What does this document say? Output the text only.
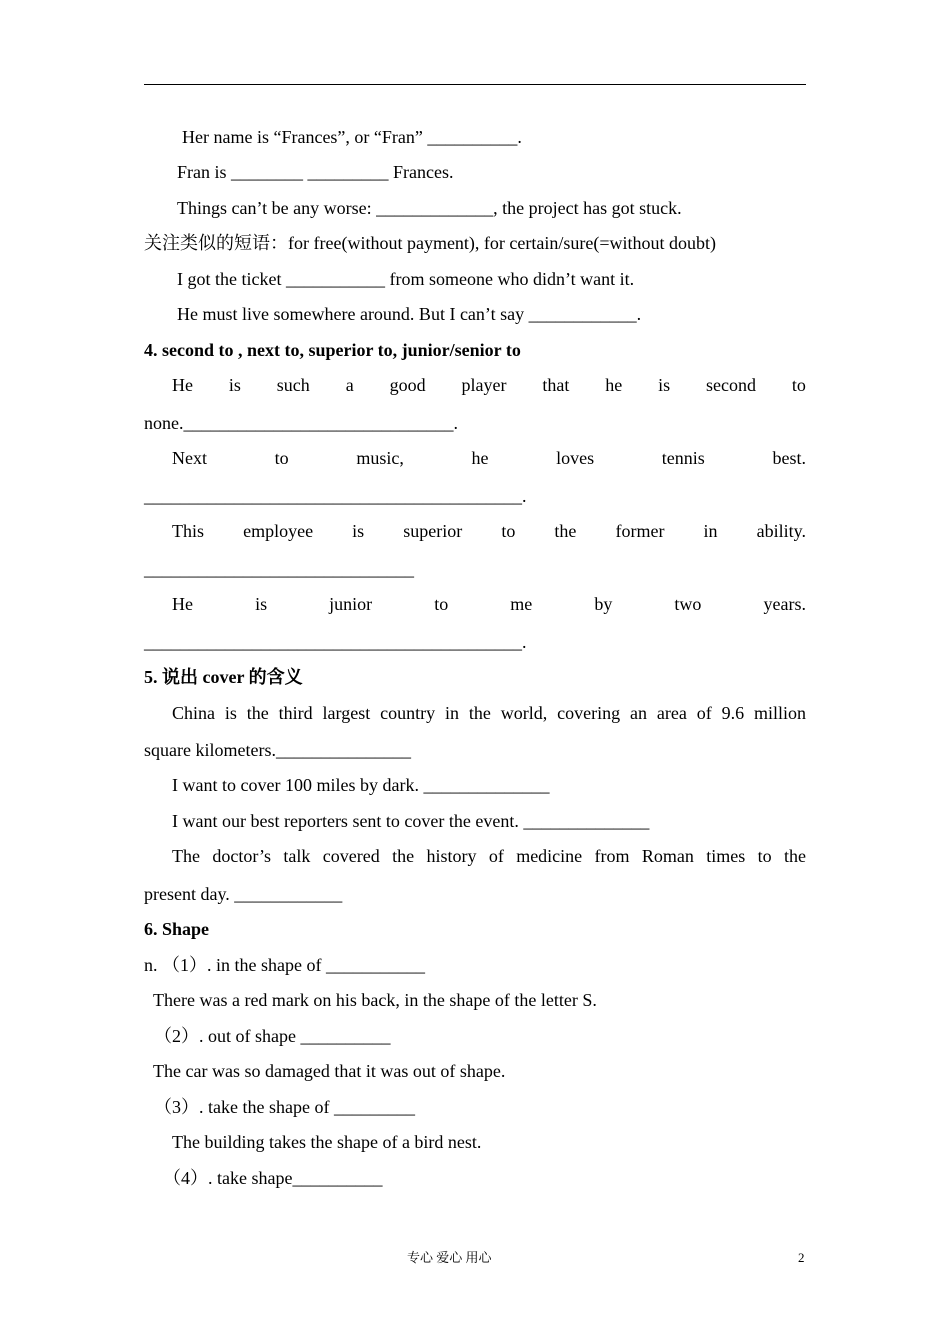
Her name is “Frances”, or “Fran” __________.
Fran is ________ _________ Frances.
Things can’t be any worse: _____________, the project has got stuck.
关注类似的短语：for free(without payment), for certain/sure(=without doubt)
I got the ticket ___________ from someone who didn’t want it.
He must live somewhere around. But I can’t say ____________.
4. second to , next to, superior to, junior/senior to
He is such a good player that he is second to
none.______________________________.
Next	to	music,	he	loves	tennis	best.
__________________________________________.
This employee is superior to the former in ability.
______________________________
He	is	junior	to	me	by	two	years.
__________________________________________.
5. 说出 cover 的含义
China is the third largest country in the world, covering an area of 9.6 million
square kilometers._______________
I want to cover 100 miles by dark. ______________
I want our best reporters sent to cover the event. ______________
The doctor’s talk covered the history of medicine from Roman times to the
present day. ____________
6. Shape
n. （1）. in the shape of ___________
There was a red mark on his back, in the shape of the letter S.
（2）. out of shape __________
The car was so damaged that it was out of shape.
（3）. take the shape of _________
The building takes the shape of a bird nest.
（4）. take shape__________
专心 爱心 用心	2
